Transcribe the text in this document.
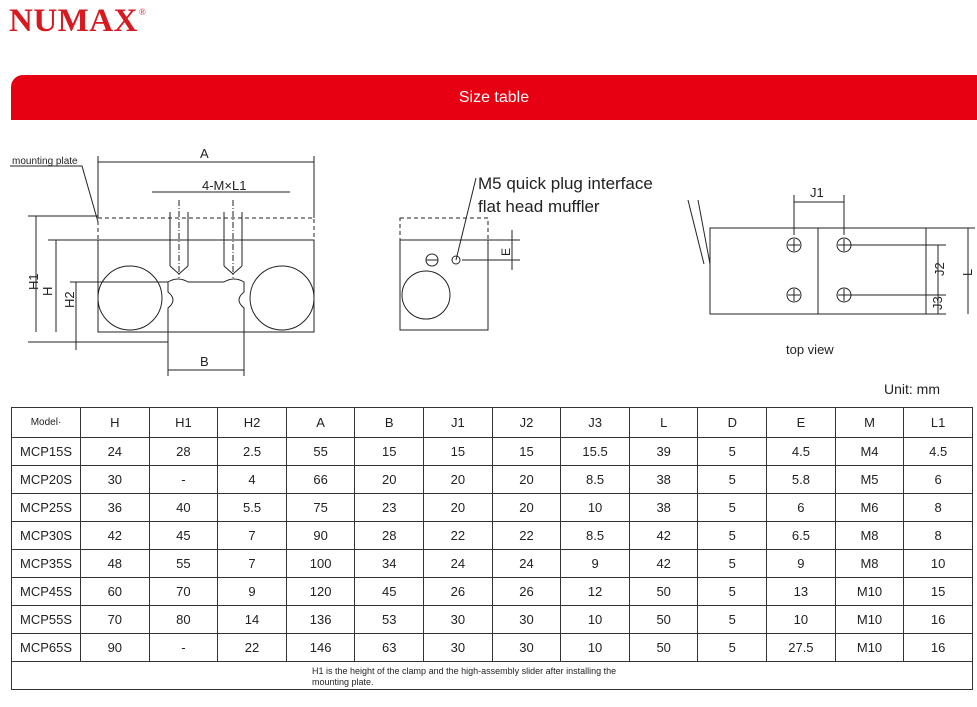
NUMAX®
Size table
mounting plate
A
4-M×L1
H1
H
H2
B
E
M5 quick plug interface
flat head muffler
J1
J2
J3
L
top view
Unit: mm
Model·	H	H1	H2	A	B	J1	J2	J3	L	D	E	M	L1
MCP15S	24	28	2.5	55	15	15	15	15.5	39	5	4.5	M4	4.5
MCP20S	30	-	4	66	20	20	20	8.5	38	5	5.8	M5	6
MCP25S	36	40	5.5	75	23	20	20	10	38	5	6	M6	8
MCP30S	42	45	7	90	28	22	22	8.5	42	5	6.5	M8	8
MCP35S	48	55	7	100	34	24	24	9	42	5	9	M8	10
MCP45S	60	70	9	120	45	26	26	12	50	5	13	M10	15
MCP55S	70	80	14	136	53	30	30	10	50	5	10	M10	16
MCP65S	90	-	22	146	63	30	30	10	50	5	27.5	M10	16

H1 is the height of the clamp and the high-assembly slider after installing the
mounting plate.													
